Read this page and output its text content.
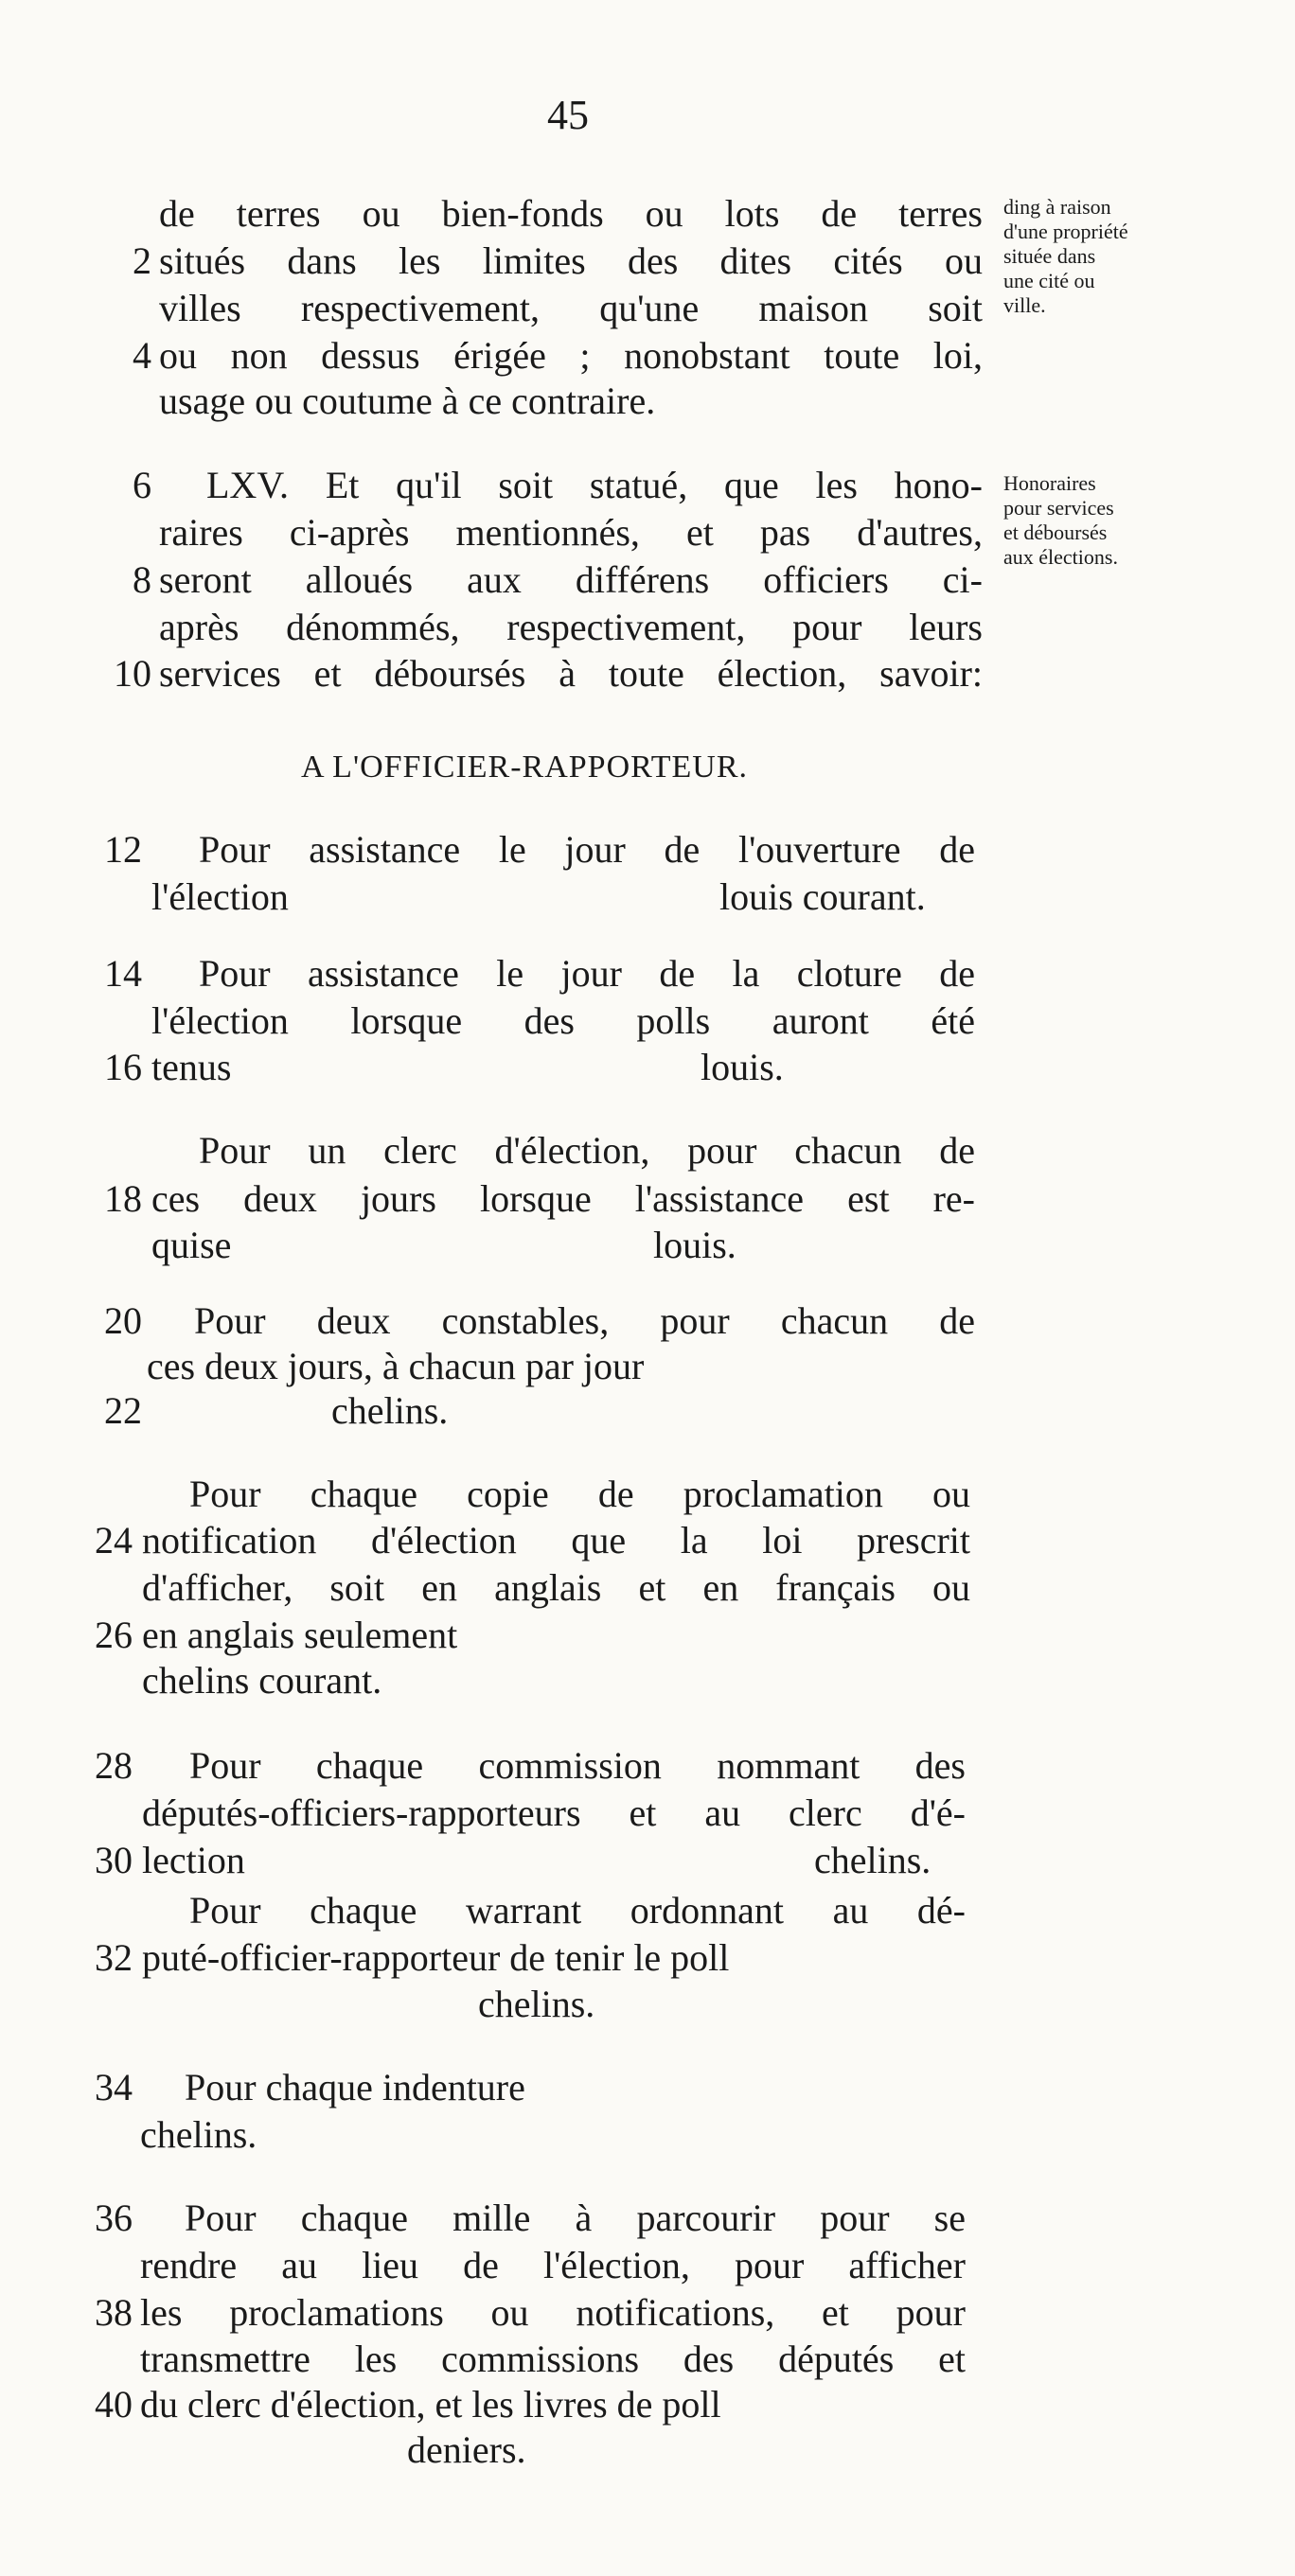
45
2
4
6
8
10
12
14
16
18
20
22
24
26
28
30
32
34
36
38
40
de terres ou bien-fonds ou lots de terres
situés dans les limites des dites cités ou
villes respectivement, qu'une maison soit
ou non dessus érigée ; nonobstant toute loi,
usage ou coutume à ce contraire.
LXV. Et qu'il soit statué, que les hono-
raires ci-après mentionnés, et pas d'autres,
seront alloués aux différens officiers ci-
après dénommés, respectivement, pour leurs
services et déboursés à toute élection, savoir:
A L'OFFICIER-RAPPORTEUR.
Pour assistance le jour de l'ouverture de
l'élection	louis courant.
Pour assistance le jour de la cloture de
l'élection lorsque des polls auront été
tenus	louis.
Pour un clerc d'élection, pour chacun de
ces deux jours lorsque l'assistance est re-
quise	louis.
Pour deux constables, pour chacun de
ces deux jours, à chacun par jour
chelins.
Pour chaque copie de proclamation ou
notification d'élection que la loi prescrit
d'afficher, soit en anglais et en français ou
en anglais seulement
chelins courant.
Pour chaque commission nommant des
députés-officiers-rapporteurs et au clerc d'é-
lection	chelins.
Pour chaque warrant ordonnant au dé-
puté-officier-rapporteur de tenir le poll
chelins.
Pour chaque indenture
chelins.
Pour chaque mille à parcourir pour se
rendre au lieu de l'élection, pour afficher
les proclamations ou notifications, et pour
transmettre les commissions des députés et
du clerc d'élection, et les livres de poll
deniers.
ding à raison
d'une propriété
située dans
une cité ou
ville.
Honoraires
pour services
et déboursés
aux élections.
